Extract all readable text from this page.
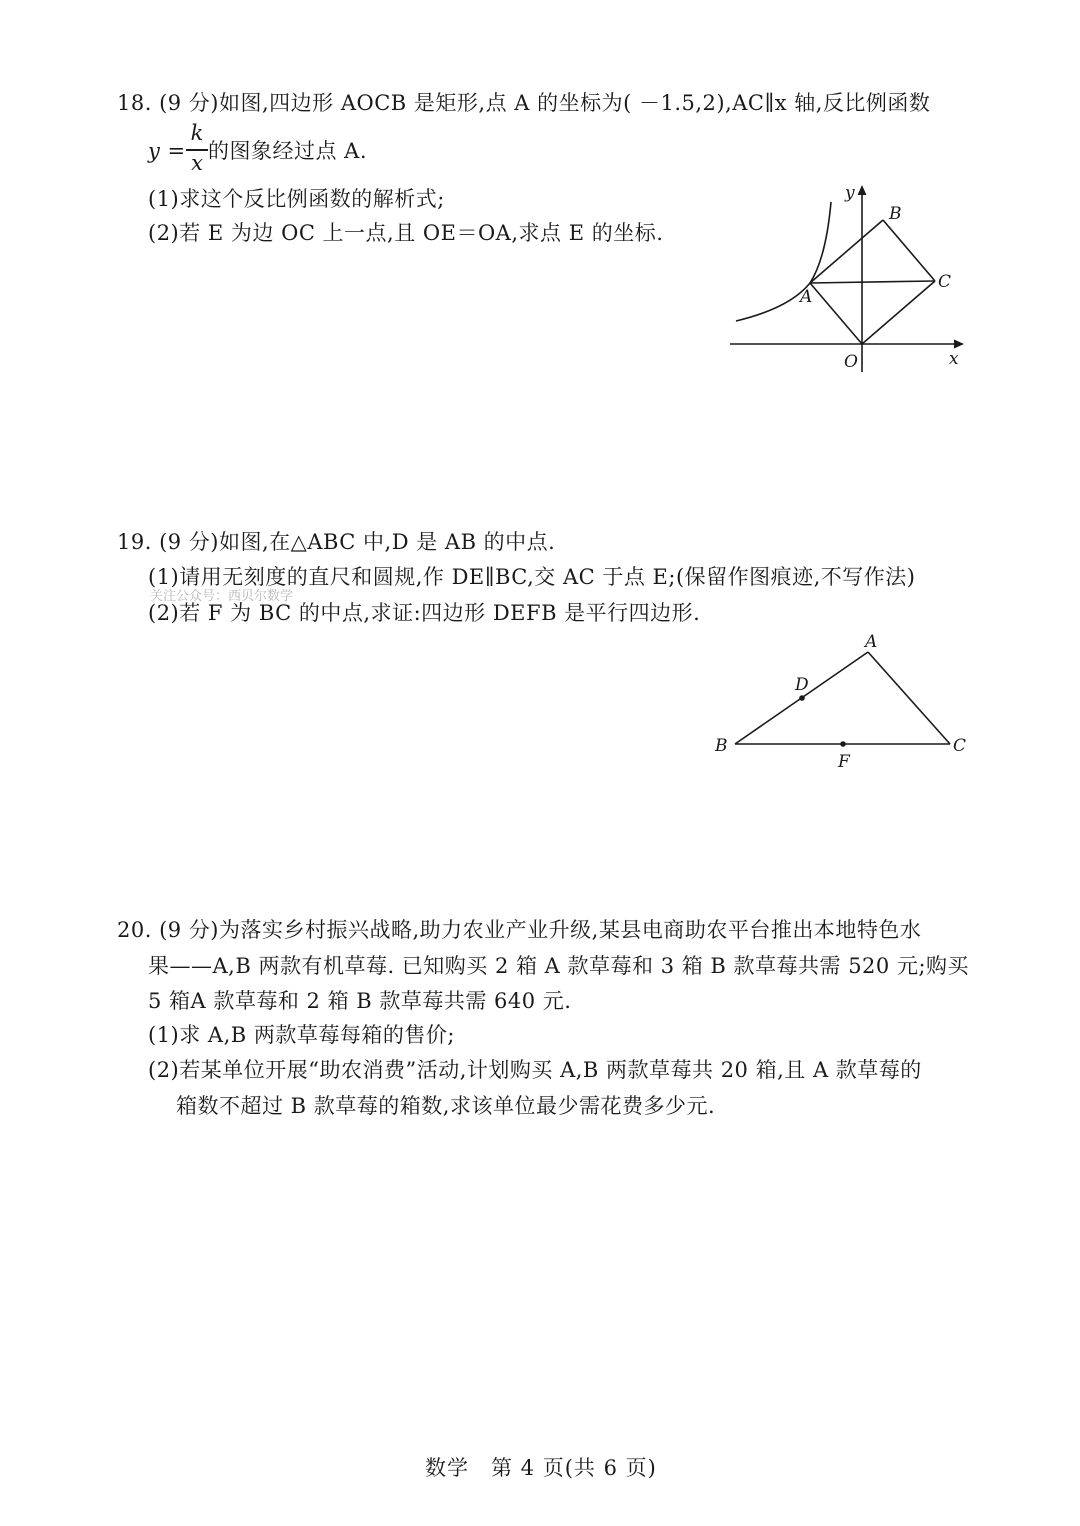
18. (9 分)如图,四边形 AOCB 是矩形,点 A 的坐标为( －1.5,2),AC∥x 轴,反比例函数
y =
k
x 的图象经过点 A.
(1)求这个反比例函数的解析式;
(2)若 E 为边 OC 上一点,且 OE＝OA,求点 E 的坐标.
y
x
O
A
B
C
19. (9 分)如图,在△ABC 中,D 是 AB 的中点.
(1)请用无刻度的直尺和圆规,作 DE∥BC,交 AC 于点 E;(保留作图痕迹,不写作法)
关注公众号：西贝尔数学
(2)若 F 为 BC 的中点,求证:四边形 DEFB 是平行四边形.
A
B	C
D
F
20. (9 分)为落实乡村振兴战略,助力农业产业升级,某县电商助农平台推出本地特色水
果——A,B 两款有机草莓. 已知购买 2 箱 A 款草莓和 3 箱 B 款草莓共需 520 元;购买
5 箱A 款草莓和 2 箱 B 款草莓共需 640 元.
(1)求 A,B 两款草莓每箱的售价;
(2)若某单位开展“助农消费”活动,计划购买 A,B 两款草莓共 20 箱,且 A 款草莓的
箱数不超过 B 款草莓的箱数,求该单位最少需花费多少元.
数学　第 4 页(共 6 页)
